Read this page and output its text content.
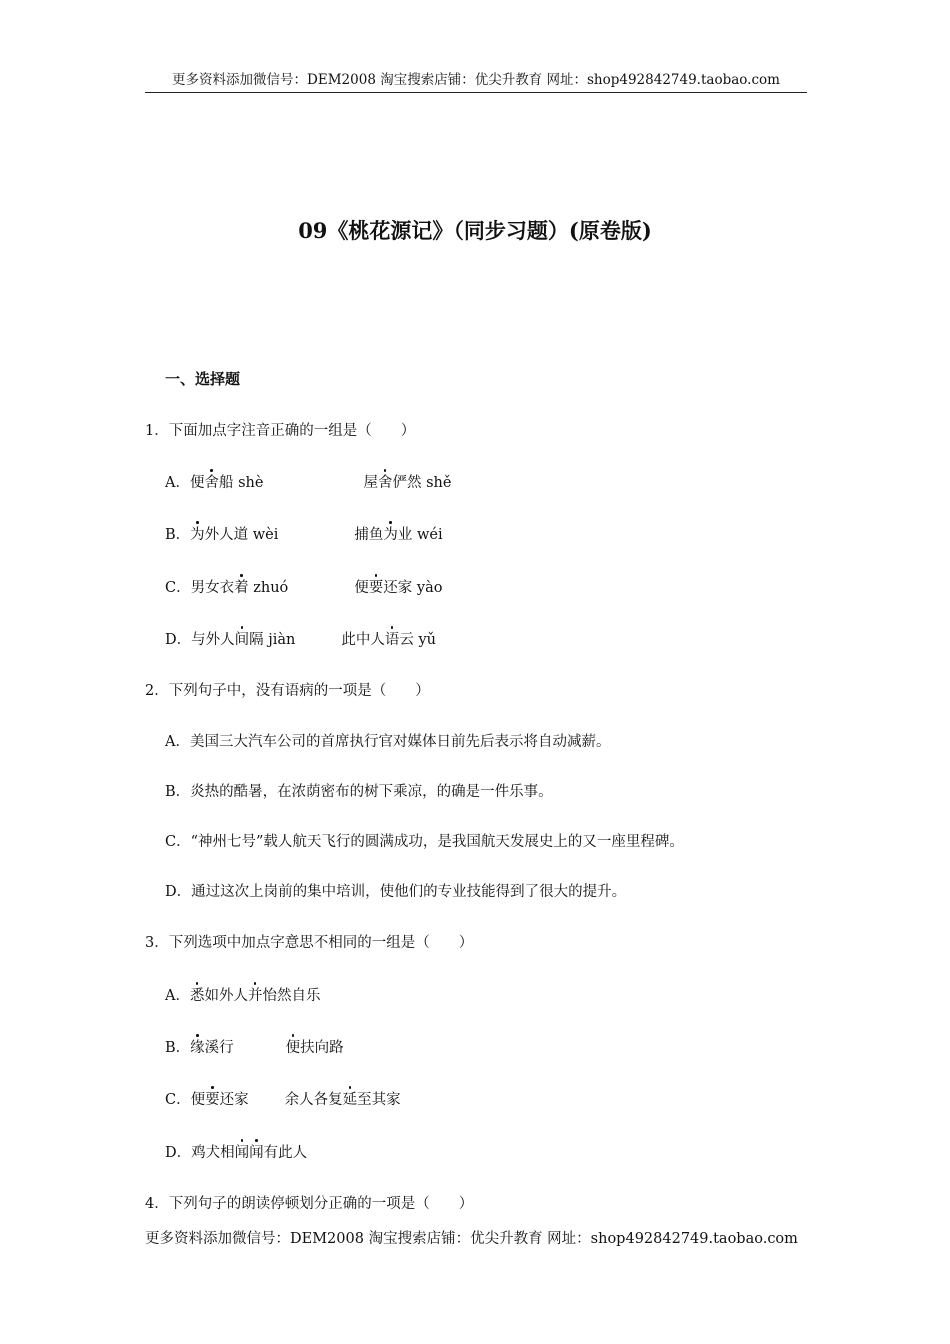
更多资料添加微信号：DEM2008 淘宝搜索店铺：优尖升教育 网址：shop492842749.taobao.com
09《桃花源记》（同步习题）(原卷版)
一、选择题
1．下面加点字注音正确的一组是（　　）
A．便舍船 shè	屋舍俨然 shě
B．为外人道 wèi	捕鱼为业 wéi
C．男女衣着 zhuó	便要还家 yào
D．与外人间隔 jiàn	此中人语云 yǔ
2．下列句子中，没有语病的一项是（　　）
A．美国三大汽车公司的首席执行官对媒体日前先后表示将自动减薪。
B．炎热的酷暑，在浓荫密布的树下乘凉，的确是一件乐事。
C．“神州七号”载人航天飞行的圆满成功，是我国航天发展史上的又一座里程碑。
D．通过这次上岗前的集中培训，使他们的专业技能得到了很大的提升。
3．下列选项中加点字意思不相同的一组是（　　）
A．悉如外人并怡然自乐
B．缘溪行	便扶向路
C．便要还家 余人各复延至其家
D．鸡犬相闻闻有此人
4．下列句子的朗读停顿划分正确的一项是（　　）
更多资料添加微信号：DEM2008 淘宝搜索店铺：优尖升教育 网址：shop492842749.taobao.com
